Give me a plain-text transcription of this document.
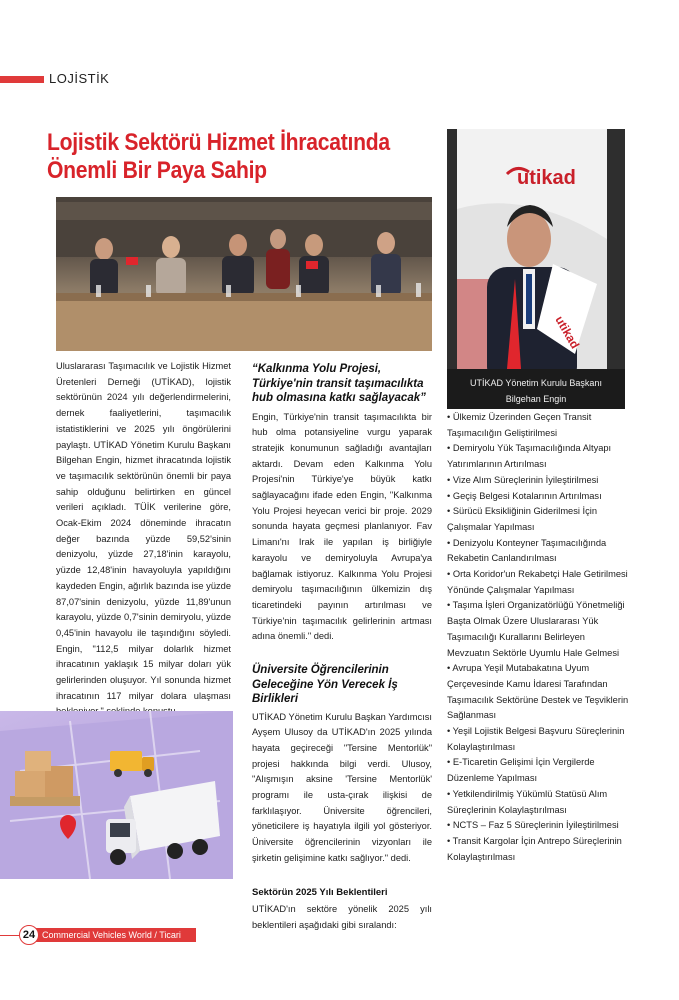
LOJİSTİK
Lojistik Sektörü Hizmet İhracatında Önemli Bir Paya Sahip	utikad
utikad
UTİKAD Yönetim Kurulu Başkanı
Bilgehan Engin

Uluslararası Taşımacılık ve Lojistik Hizmet Üretenleri Derneği (UTİKAD), lojistik sektörünün 2024 yılı değerlendirmelerini, dernek faaliyetlerini, taşımacılık istatistiklerini ve 2025 yılı öngörülerini paylaştı. UTİKAD Yönetim Kurulu Başkanı Bilgehan Engin, hizmet ihracatında lojistik ve taşımacılık sektörünün önemli bir paya sahip olduğunu belirtirken en güncel verileri açıkladı. TÜİK verilerine göre, Ocak-Ekim 2024 döneminde ihracatın değer bazında yüzde 59,52'sinin denizyolu, yüzde 27,18'inin karayolu, yüzde 12,48'inin havayoluyla yapıldığını kaydeden Engin, ağırlık bazında ise yüzde 87,07'sinin denizyolu, yüzde 11,89'unun karayolu, yüzde 0,7'sinin demiryolu, yüzde 0,45'inin havayolu ile taşındığını söyledi. Engin, "112,5 milyar dolarlık hizmet ihracatının yaklaşık 15 milyar doları yük gelirlerinden oluşuyor. Yıl sonunda hizmet ihracatının 117 milyar dolara ulaşması

“Kalkınma Yolu Projesi, Türkiye'nin transit taşımacılıkta hub olmasına katkı sağlayacak”

Engin, Türkiye'nin transit taşımacılıkta bir hub olma potansiyeline vurgu yaparak stratejik konumunun sağladığı avantajları aktardı. Devam eden Kalkınma Yolu Projesi'nin Türkiye'ye büyük katkı sağlayacağını ifade eden Engin, "Kalkınma Yolu Projesi heyecan verici bir proje. 2029 sonunda hayata geçmesi planlanıyor. Fav Limanı'nı Irak ile yapılan iş birliğiyle karayolu ve demiryoluyla Avrupa'ya bağlamak istiyoruz. Kalkınma Yolu Projesi demiryolu taşımacılığının ülkemizin dış ticaretindeki payının artırılması ve Türkiye'nin taşımacılık gelirlerinin artması adına önemli." dedi.

Üniversite Öğrencilerinin Geleceğine Yön Verecek İş Birlikleri

UTİKAD Yönetim Kurulu Başkan Yardımcısı Ayşem Ulusoy da UTİKAD'ın 2025 yılında hayata geçireceği "Tersine Mentorlük" projesi hakkında bilgi verdi. Ulusoy, "Alışmışın aksine 'Tersine Mentorlük' programı ile usta-çırak ilişkisi de farklılaşıyor. Üniversite öğrencileri, yöneticilere iş hayatıyla ilgili yol gösteriyor. Üniversite öğrencilerinin vizyonları ile şirketin gelişimine katkı sağlıyor." dedi.

Sektörün 2025 Yılı Beklentileri

UTİKAD'ın sektöre yönelik 2025 yılı beklentileri aşağıdaki gibi sıralandı:

• Ülkemiz Üzerinden Geçen Transit Taşımacılığın Geliştirilmesi
• Demiryolu Yük Taşımacılığında Altyapı Yatırımlarının Artırılması
• Vize Alım Süreçlerinin İyileştirilmesi
• Geçiş Belgesi Kotalarının Artırılması
• Sürücü Eksikliğinin Giderilmesi İçin Çalışmalar Yapılması
• Denizyolu Konteyner Taşımacılığında Rekabetin Canlandırılması
• Orta Koridor'un Rekabetçi Hale Getirilmesi Yönünde Çalışmalar Yapılması
• Taşıma İşleri Organizatörlüğü Yönetmeliği Başta Olmak Üzere Uluslararası Yük Taşımacılığı Kurallarını Belirleyen Mevzuatın Sektörle Uyumlu Hale Gelmesi
• Avrupa Yeşil Mutabakatına Uyum Çerçevesinde Kamu İdaresi Tarafından Taşımacılık Sektörüne Destek ve Teşviklerin Sağlanması
• Yeşil Lojistik Belgesi Başvuru Süreçlerinin Kolaylaştırılması
• E-Ticaretin Gelişimi İçin Vergilerde Düzenleme Yapılması
• Yetkilendirilmiş Yükümlü Statüsü Alım Süreçlerinin Kolaylaştırılması
• NCTS – Faz 5 Süreçlerinin İyileştirilmesi
• Transit Kargolar İçin Antrepo Süreçlerinin Kolaylaştırılması
Commercial Vehicles World / Ticari Araçlar
24
